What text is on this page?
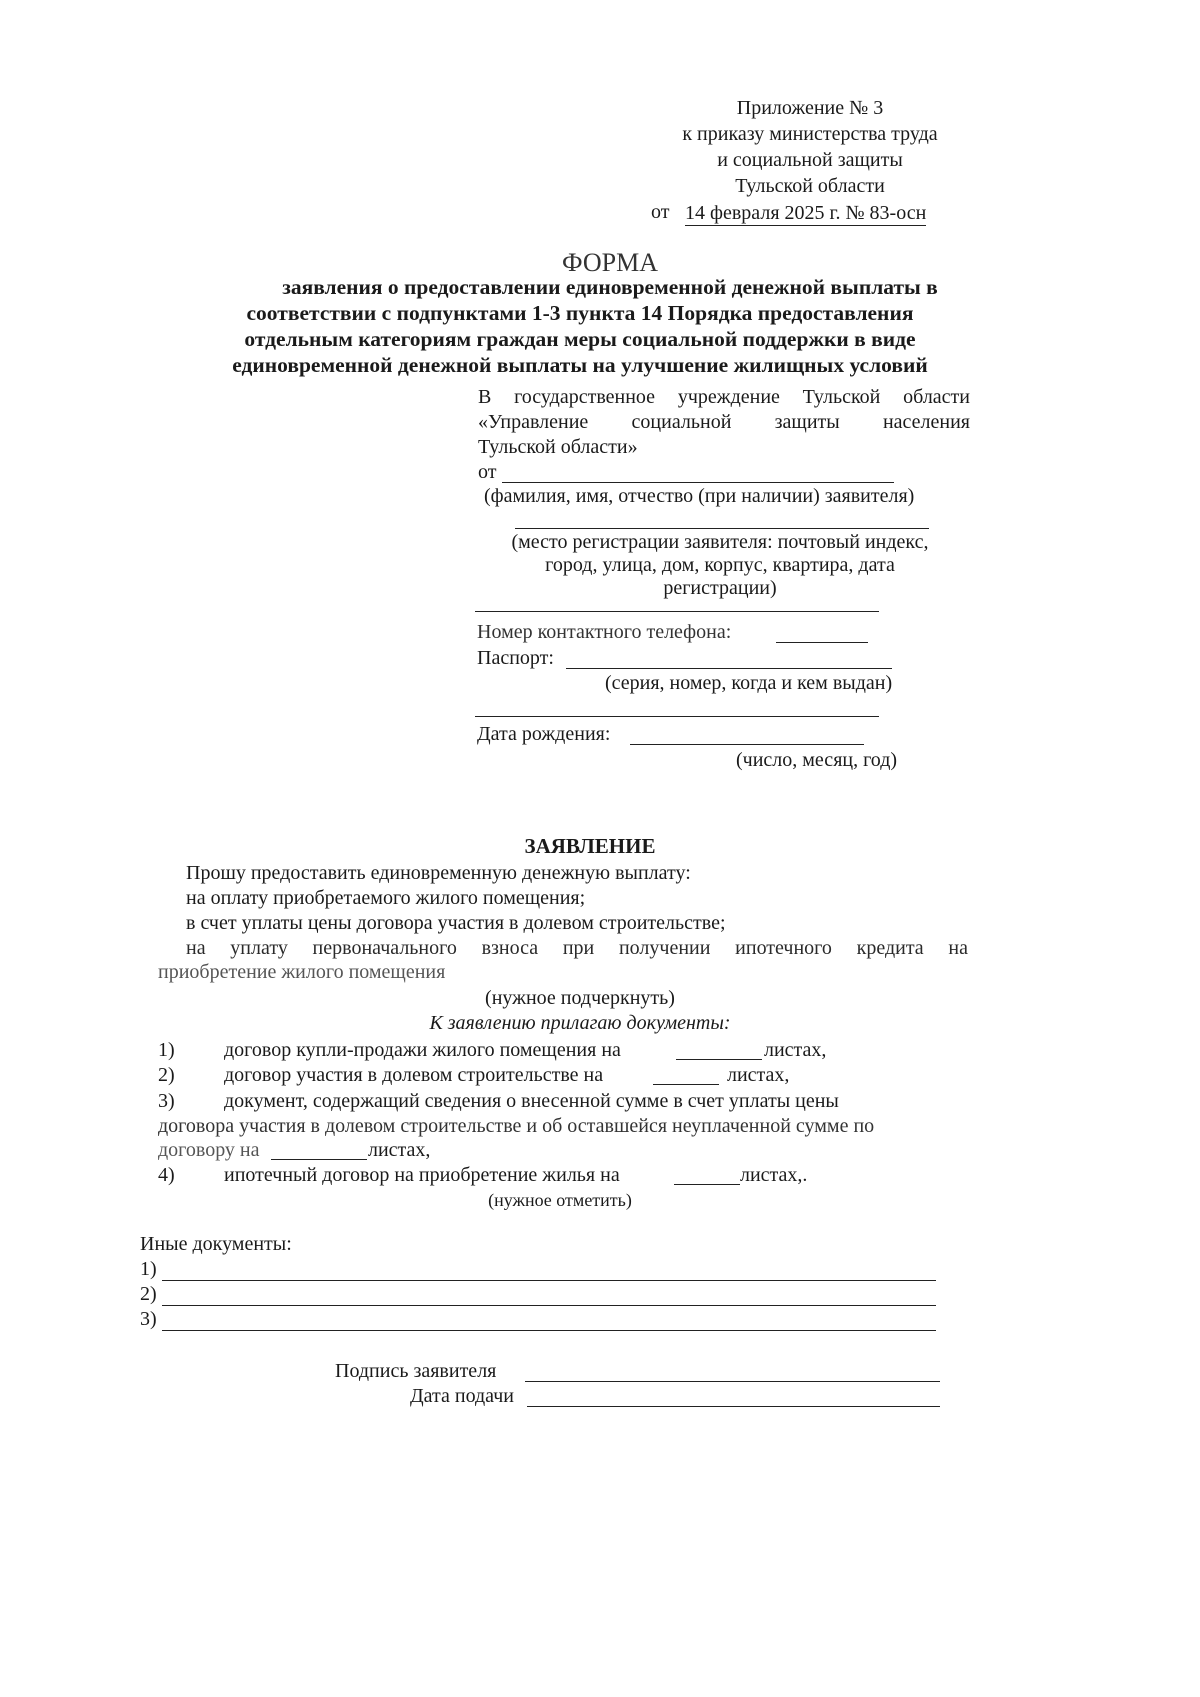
Приложение № 3
к приказу министерства труда
и социальной защиты
Тульской области
от 14 февраля 2025 г. № 83-осн
ФОРМА
заявления о предоставлении единовременной денежной выплаты в
соответствии с подпунктами 1-3 пункта 14 Порядка предоставления
отдельным категориям граждан меры социальной поддержки в виде
единовременной денежной выплаты на улучшение жилищных условий
В государственное учреждение Тульской области
«Управление социальной защиты населения
Тульской области»
от
(фамилия, имя, отчество (при наличии) заявителя)
(место регистрации заявителя: почтовый индекс,
город, улица, дом, корпус, квартира, дата
регистрации)
Номер контактного телефона:
Паспорт:
(серия, номер, когда и кем выдан)
Дата рождения:
(число, месяц, год)
ЗАЯВЛЕНИЕ
Прошу предоставить единовременную денежную выплату:
на оплату приобретаемого жилого помещения;
в счет уплаты цены договора участия в долевом строительстве;
на уплату первоначального взноса при получении ипотечного кредита на
приобретение жилого помещения
(нужное подчеркнуть)
К заявлению прилагаю документы:
1) договор купли-продажи жилого помещения на	листах,
2) договор участия в долевом строительстве на	листах,
3) документ, содержащий сведения о внесенной сумме в счет уплаты цены
договора участия в долевом строительстве и об оставшейся неуплаченной сумме по
договору на	листах,
4) ипотечный договор на приобретение жилья на	листах,.
(нужное отметить)
Иные документы:
1)
2)
3)
Подпись заявителя
Дата подачи
